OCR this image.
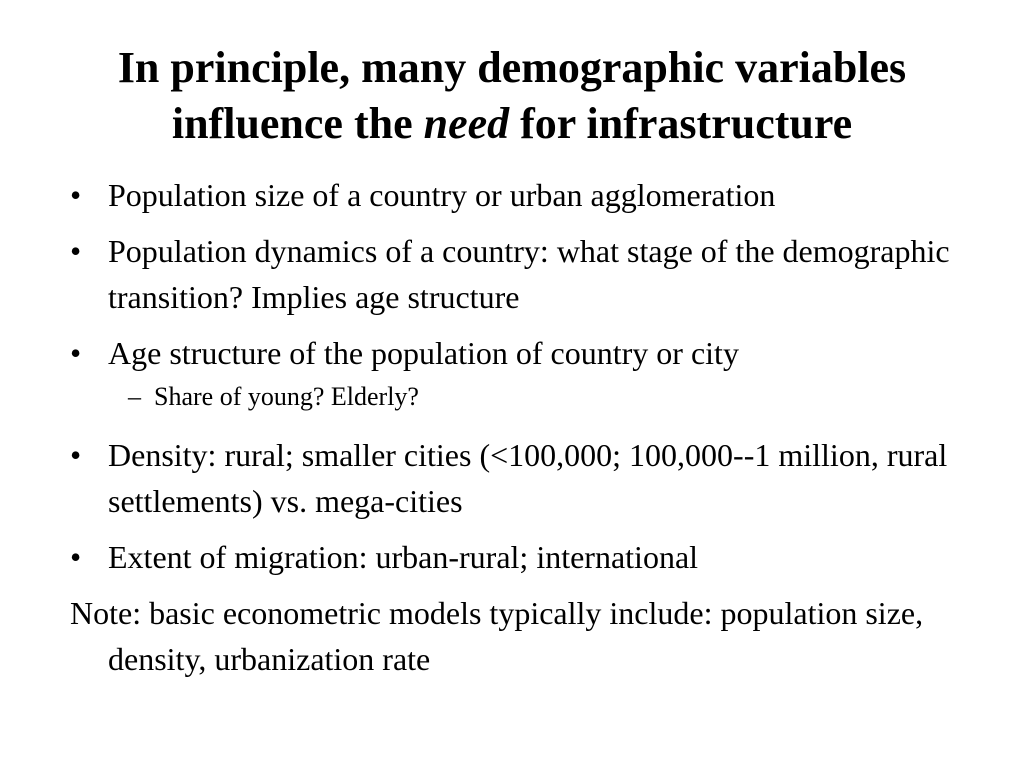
In principle, many demographic variables
influence the need for infrastructure
• Population size of a country or urban agglomeration
• Population dynamics of a country: what stage of the demographic transition? Implies age structure
• Age structure of the population of country or city
– Share of young? Elderly?
• Density: rural; smaller cities (<100,000; 100,000--1 million, rural settlements) vs. mega-cities
• Extent of migration: urban-rural; international
Note: basic econometric models typically include: population size, density, urbanization rate
